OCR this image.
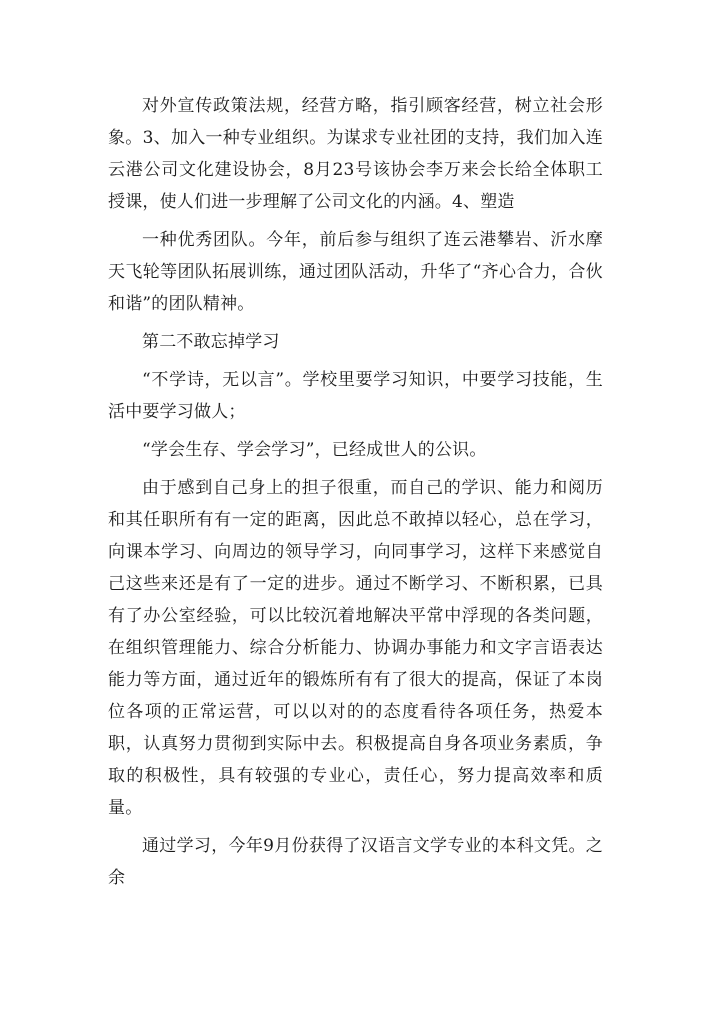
对外宣传政策法规，经营方略，指引顾客经营，树立社会形象。3、加入一种专业组织。为谋求专业社团的支持，我们加入连云港公司文化建设协会，8月23号该协会李万来会长给全体职工授课，使人们进一步理解了公司文化的内涵。4、塑造

一种优秀团队。今年，前后参与组织了连云港攀岩、沂水摩天飞轮等团队拓展训练，通过团队活动，升华了“齐心合力，合伙和谐”的团队精神。

第二不敢忘掉学习

“不学诗，无以言”。学校里要学习知识，中要学习技能，生活中要学习做人；

“学会生存、学会学习”，已经成世人的公识。

由于感到自己身上的担子很重，而自己的学识、能力和阅历和其任职所有有一定的距离，因此总不敢掉以轻心，总在学习，向课本学习、向周边的领导学习，向同事学习，这样下来感觉自己这些来还是有了一定的进步。通过不断学习、不断积累，已具有了办公室经验，可以比较沉着地解决平常中浮现的各类问题，在组织管理能力、综合分析能力、协调办事能力和文字言语表达能力等方面，通过近年的锻炼所有有了很大的提高，保证了本岗位各项的正常运营，可以以对的的态度看待各项任务，热爱本职，认真努力贯彻到实际中去。积极提高自身各项业务素质，争取的积极性，具有较强的专业心，责任心，努力提高效率和质量。

通过学习，今年9月份获得了汉语言文学专业的本科文凭。之余
